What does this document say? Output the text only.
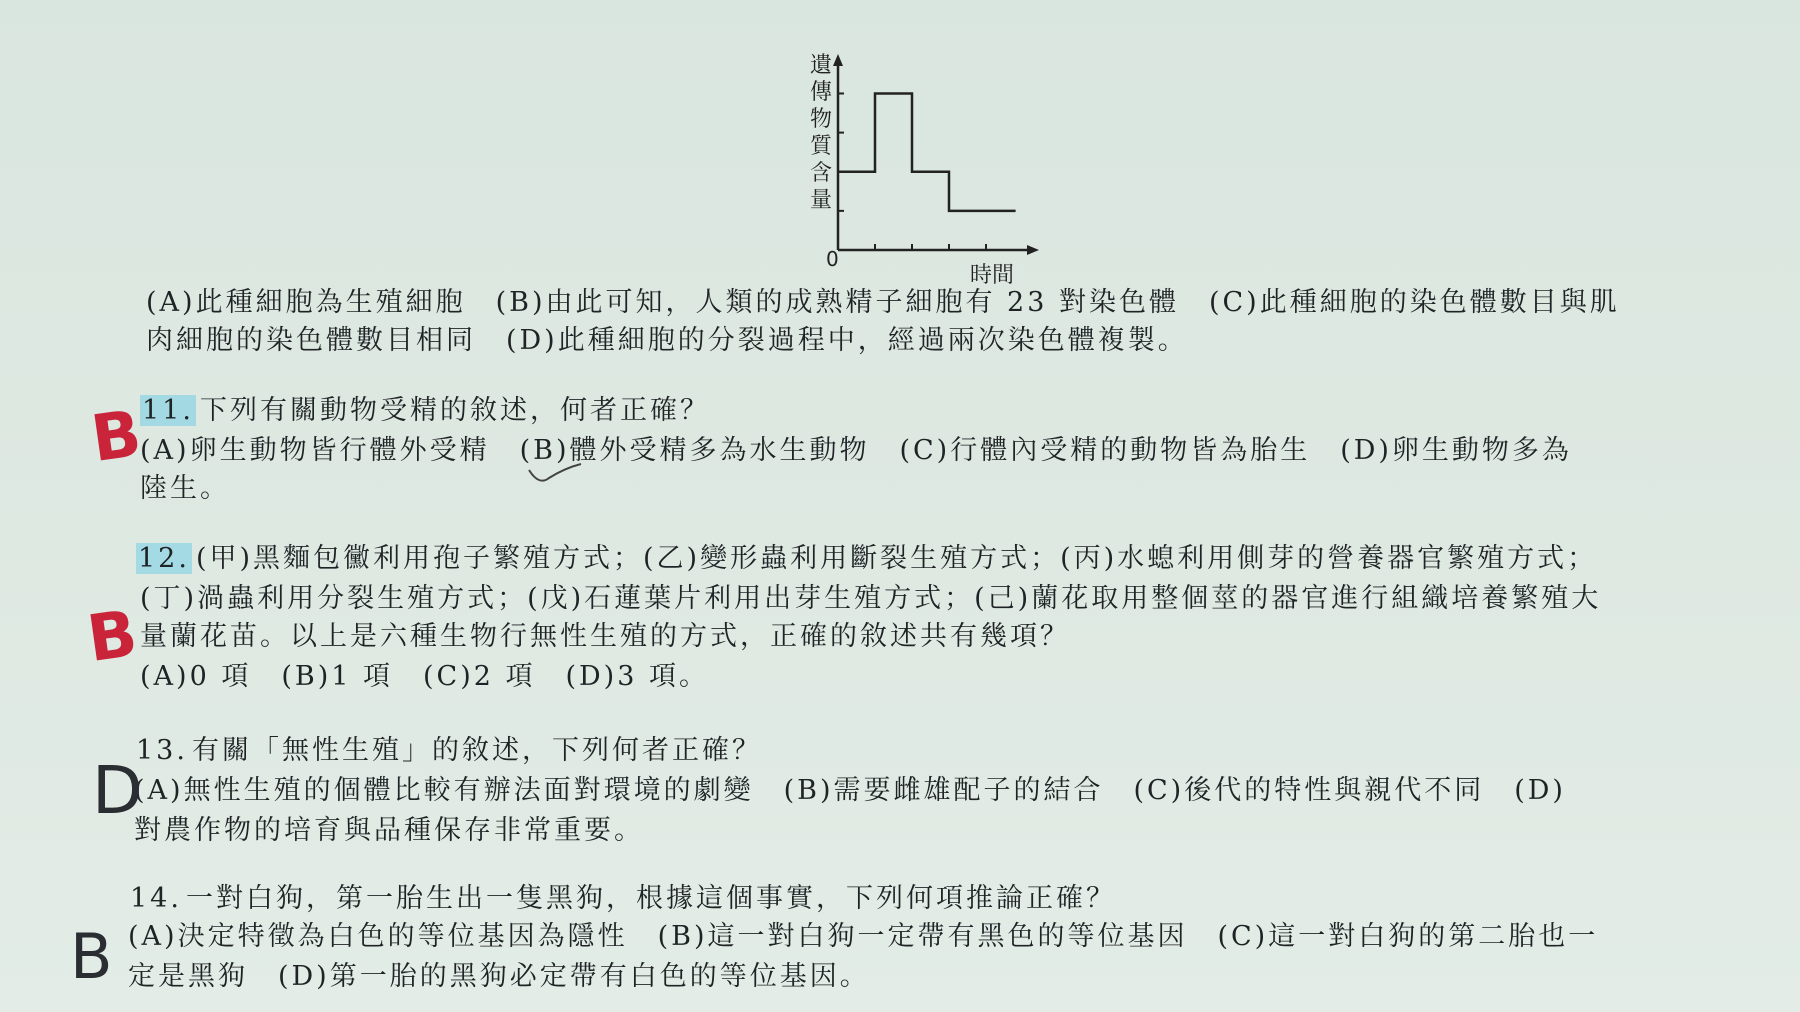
遺傳物質含量
時間
0
(A)此種細胞為生殖細胞　(B)由此可知，人類的成熟精子細胞有 23 對染色體　(C)此種細胞的染色體數目與肌
肉細胞的染色體數目相同　(D)此種細胞的分裂過程中，經過兩次染色體複製。
11. 下列有關動物受精的敘述，何者正確？
(A)卵生動物皆行體外受精　(B)體外受精多為水生動物　(C)行體內受精的動物皆為胎生　(D)卵生動物多為
陸生。
B
12. (甲)黑麵包黴利用孢子繁殖方式；(乙)變形蟲利用斷裂生殖方式；(丙)水螅利用側芽的營養器官繁殖方式；
(丁)渦蟲利用分裂生殖方式；(戊)石蓮葉片利用出芽生殖方式；(己)蘭花取用整個莖的器官進行組織培養繁殖大
量蘭花苗。以上是六種生物行無性生殖的方式，正確的敘述共有幾項？
(A)0 項　(B)1 項　(C)2 項　(D)3 項。
B
13. 有關「無性生殖」的敘述，下列何者正確？
(A)無性生殖的個體比較有辦法面對環境的劇變　(B)需要雌雄配子的結合　(C)後代的特性與親代不同　(D)
對農作物的培育與品種保存非常重要。
D
14. 一對白狗，第一胎生出一隻黑狗，根據這個事實，下列何項推論正確？
(A)決定特徵為白色的等位基因為隱性　(B)這一對白狗一定帶有黑色的等位基因　(C)這一對白狗的第二胎也一
定是黑狗　(D)第一胎的黑狗必定帶有白色的等位基因。
B
